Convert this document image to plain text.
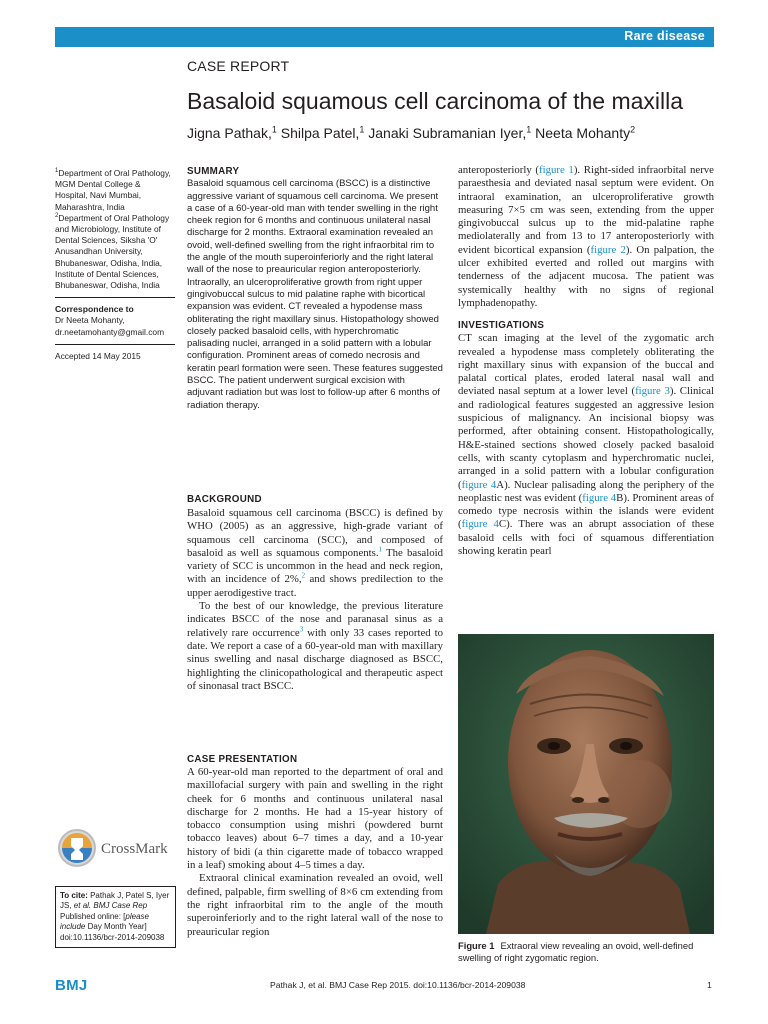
Rare disease
CASE REPORT
Basaloid squamous cell carcinoma of the maxilla
Jigna Pathak,$^1$ Shilpa Patel,$^1$ Janaki Subramanian Iyer,$^1$ Neeta Mohanty$^2$

$^1$Department of Oral Pathology, MGM Dental College & Hospital, Navi Mumbai, Maharashtra, India

$^2$Department of Oral Pathology and Microbiology, Institute of Dental Sciences, Siksha 'O' Anusandhan University, Bhubaneswar, Odisha, India, Institute of Dental Sciences, Bhubaneswar, Odisha, India

Correspondence to

Dr Neeta Mohanty,

dr.neetamohanty@gmail.com

Accepted 14 May 2015

CrossMark
To cite: Pathak J, Patel S, Iyer JS, et al. BMJ Case Rep Published online: [please include Day Month Year] doi:10.1136/bcr-2014-209038

SUMMARY

Basaloid squamous cell carcinoma (BSCC) is a distinctive aggressive variant of squamous cell carcinoma. We present a case of a 60-year-old man with tender swelling in the right cheek region for 6 months and continuous unilateral nasal discharge for 2 months. Extraoral examination revealed an ovoid, well-defined swelling from the right infraorbital rim to the angle of the mouth superoinferiorly and the right lateral wall of the nose to preauricular region anteroposteriorly. Intraorally, an ulceroproliferative growth from right upper gingivobuccal sulcus to mid palatine raphe with bicortical expansion was evident. CT revealed a hypodense mass obliterating the right maxillary sinus. Histopathology showed closely packed basaloid cells, with hyperchromatic palisading nuclei, arranged in a solid pattern with a lobular configuration. Prominent areas of comedo necrosis and keratin pearl formation were seen. These features suggested BSCC. The patient underwent surgical excision with adjuvant radiation but was lost to follow-up after 6 months of radiation therapy.

BACKGROUND

Basaloid squamous cell carcinoma (BSCC) is defined by WHO (2005) as an aggressive, high-grade variant of squamous cell carcinoma (SCC), and composed of basaloid as well as squamous components.$^1$ The basaloid variety of SCC is uncommon in the head and neck region, with an incidence of 2%,$^2$ and shows predilection to the upper aerodigestive tract.

To the best of our knowledge, the previous literature indicates BSCC of the nose and paranasal sinus as a relatively rare occurrence$^3$ with only 33 cases reported to date. We report a case of a 60-year-old man with maxillary sinus swelling and nasal discharge diagnosed as BSCC, highlighting the clinicopathological and therapeutic aspect of sinonasal tract BSCC.

CASE PRESENTATION

A 60-year-old man reported to the department of oral and maxillofacial surgery with pain and swelling in the right cheek for 6 months and continuous unilateral nasal discharge for 2 months. He had a 15-year history of tobacco consumption using mishri (powdered burnt tobacco leaves) about 6–7 times a day, and a 10-year history of bidi (a thin cigarette made of tobacco wrapped in a leaf) smoking about 4–5 times a day.

Extraoral clinical examination revealed an ovoid, well defined, palpable, firm swelling of 8×6 cm extending from the right infraorbital rim to the angle of the mouth superoinferiorly and to the right lateral wall of the nose to preauricular region

anteroposteriorly (figure 1). Right-sided infraorbital nerve paraesthesia and deviated nasal septum were evident. On intraoral examination, an ulceroproliferative growth measuring 7×5 cm was seen, extending from the upper gingivobuccal sulcus up to the mid-palatine raphe mediolaterally and from 13 to 17 anteroposteriorly with evident bicortical expansion (figure 2). On palpation, the ulcer exhibited everted and rolled out margins with tenderness of the adjacent mucosa. The patient was systemically healthy with no signs of regional lymphadenopathy.

INVESTIGATIONS

CT scan imaging at the level of the zygomatic arch revealed a hypodense mass completely obliterating the right maxillary sinus with expansion of the buccal and palatal cortical plates, eroded lateral nasal wall and deviated nasal septum at a lower level (figure 3). Clinical and radiological features suggested an aggressive lesion suspicious of malignancy. An incisional biopsy was performed, after obtaining consent. Histopathologically, H&E-stained sections showed closely packed basaloid cells, with scanty cytoplasm and hyperchromatic nuclei, arranged in a solid pattern with a lobular configuration (figure 4A). Nuclear palisading along the periphery of the neoplastic nest was evident (figure 4B). Prominent areas of comedo type necrosis within the islands were evident (figure 4C). There was an abrupt association of these basaloid cells with foci of squamous differentiation showing keratin pearl

Figure 1 Extraoral view revealing an ovoid, well-defined swelling of right zygomatic region.
BMJ	Pathak J, et al. BMJ Case Rep 2015. doi:10.1136/bcr-2014-209038	1
